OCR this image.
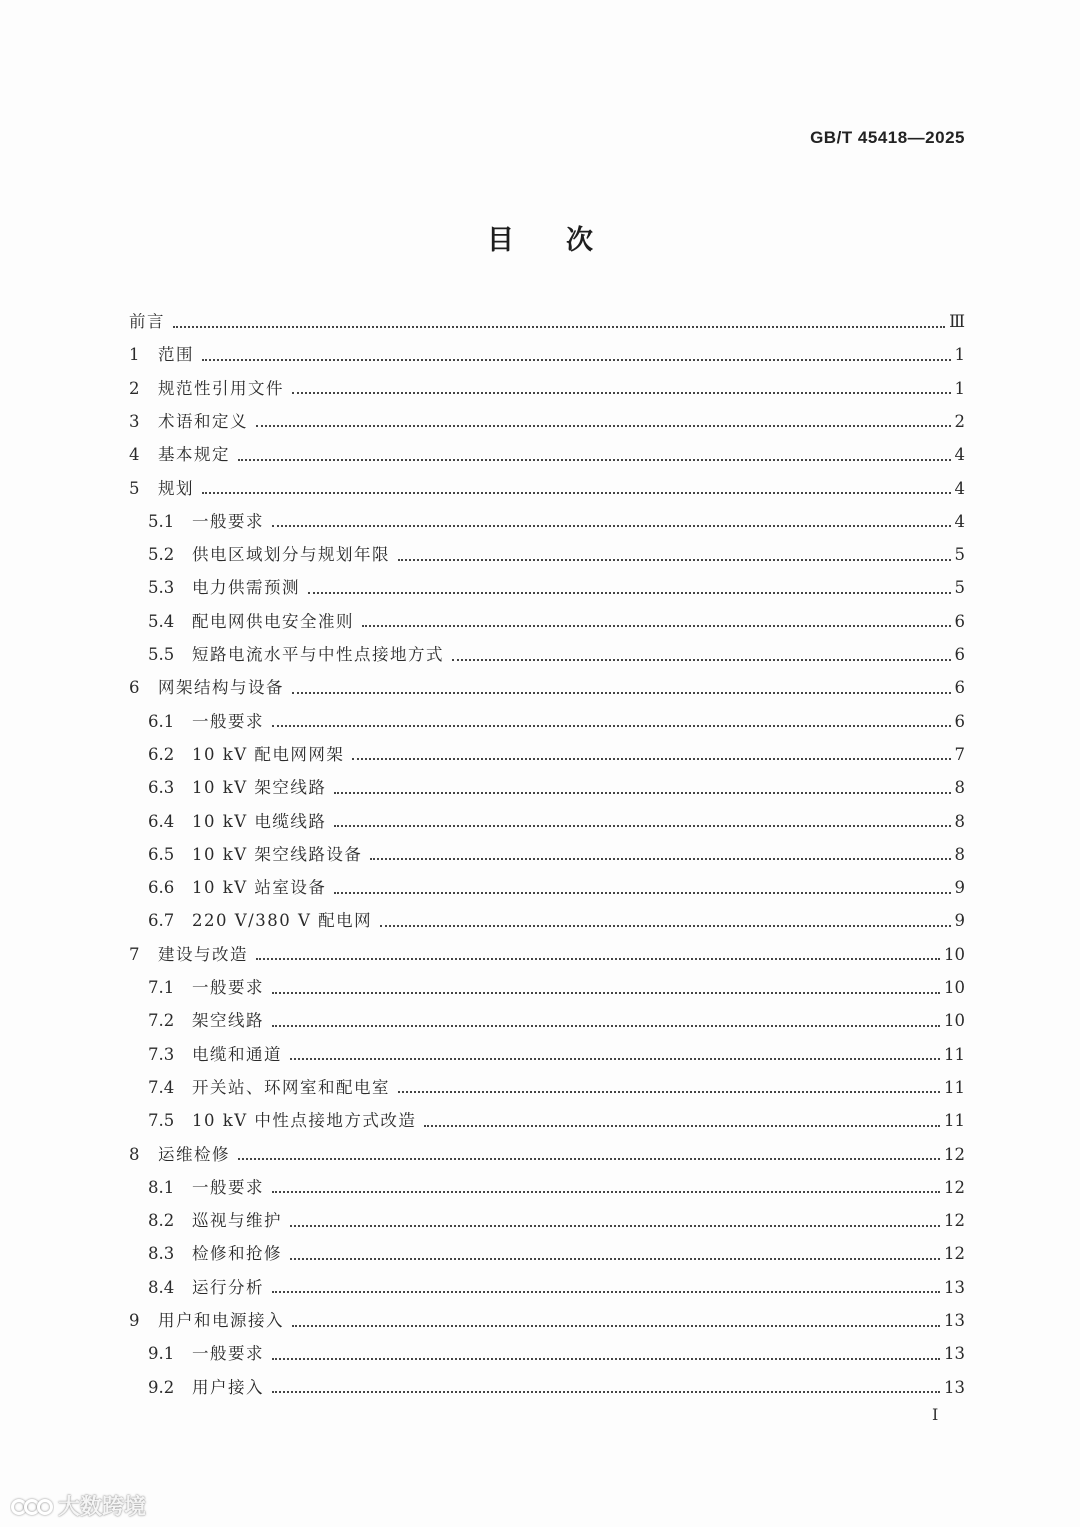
GB/T 45418—2025
目次
前言	Ⅲ
1	范围	1
2	规范性引用文件	1
3	术语和定义	2
4	基本规定	4
5	规划	4
5.1	一般要求	4
5.2	供电区域划分与规划年限	5
5.3	电力供需预测	5
5.4	配电网供电安全准则	6
5.5	短路电流水平与中性点接地方式	6
6	网架结构与设备	6
6.1	一般要求	6
6.2	10 kV 配电网网架	7
6.3	10 kV 架空线路	8
6.4	10 kV 电缆线路	8
6.5	10 kV 架空线路设备	8
6.6	10 kV 站室设备	9
6.7	220 V/380 V 配电网	9
7	建设与改造	10
7.1	一般要求	10
7.2	架空线路	10
7.3	电缆和通道	11
7.4	开关站、环网室和配电室	11
7.5	10 kV 中性点接地方式改造	11
8	运维检修	12
8.1	一般要求	12
8.2	巡视与维护	12
8.3	检修和抢修	12
8.4	运行分析	13
9	用户和电源接入	13
9.1	一般要求	13
9.2	用户接入	13
I
大数跨境
